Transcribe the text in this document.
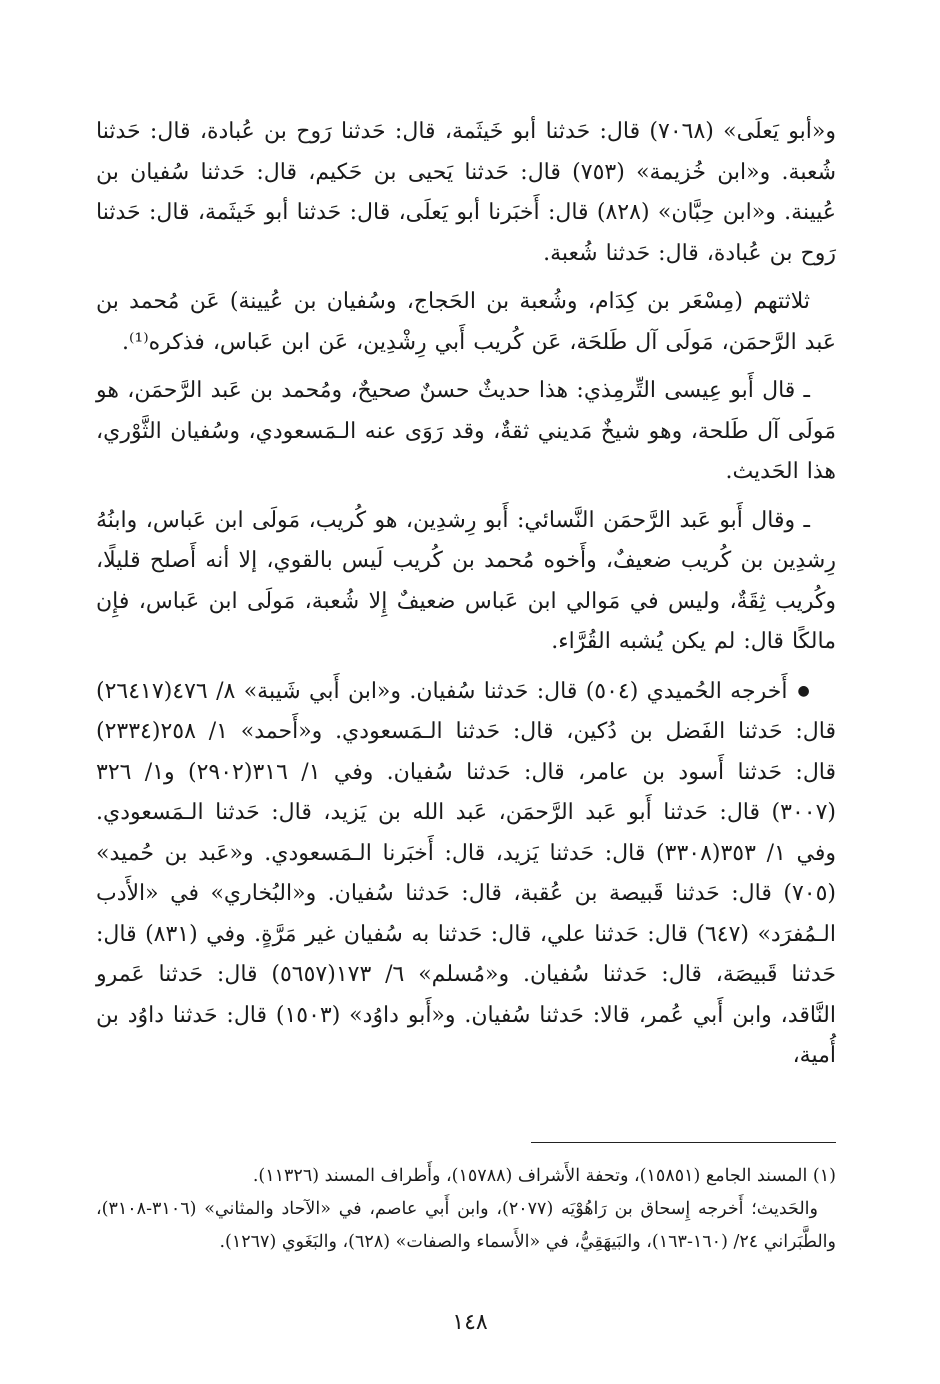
و«أبو يَعلَى» (٧٠٦٨) قال: حَدثنا أبو خَيثَمة، قال: حَدثنا رَوح بن عُبادة، قال: حَدثنا شُعبة. و«ابن خُزيمة» (٧٥٣) قال: حَدثنا يَحيى بن حَكيم، قال: حَدثنا سُفيان بن عُيينة. و«ابن حِبَّان» (٨٢٨) قال: أَخبَرنا أبو يَعلَى، قال: حَدثنا أبو خَيثَمة، قال: حَدثنا رَوح بن عُبادة، قال: حَدثنا شُعبة.

ثلاثتهم (مِسْعَر بن كِدَام، وشُعبة بن الحَجاج، وسُفيان بن عُيينة) عَن مُحمد بن عَبد الرَّحمَن، مَولَى آل طَلحَة، عَن كُريب أَبي رِشْدِين، عَن ابن عَباس، فذكره⁽¹⁾.

ـ قال أَبو عِيسى التِّرمِذي: هذا حديثٌ حسنٌ صحيحٌ، ومُحمد بن عَبد الرَّحمَن، هو مَولَى آل طَلحة، وهو شيخٌ مَديني ثقةٌ، وقد رَوَى عنه الـمَسعودي، وسُفيان الثَّوْري، هذا الحَديث.

ـ وقال أَبو عَبد الرَّحمَن النَّسائي: أَبو رِشدِين، هو كُريب، مَولَى ابن عَباس، وابنُهُ رِشدِين بن كُريب ضعيفٌ، وأَخوه مُحمد بن كُريب لَيس بالقوي، إلا أنه أَصلح قليلًا، وكُريب ثِقَةٌ، وليس في مَوالي ابن عَباس ضعيفٌ إِلا شُعبة، مَولَى ابن عَباس، فإِن مالكًا قال: لم يكن يُشبه القُرَّاء.

● أَخرجه الحُميدي (٥٠٤) قال: حَدثنا سُفيان. و«ابن أَبي شَيبة» ٨/ ٤٧٦(٢٦٤١٧) قال: حَدثنا الفَضل بن دُكين، قال: حَدثنا الـمَسعودي. و«أَحمد» ١/ ٢٥٨(٢٣٣٤) قال: حَدثنا أَسود بن عامر، قال: حَدثنا سُفيان. وفي ١/ ٣١٦(٢٩٠٢) و١/ ٣٢٦ (٣٠٠٧) قال: حَدثنا أَبو عَبد الرَّحمَن، عَبد الله بن يَزيد، قال: حَدثنا الـمَسعودي. وفي ١/ ٣٥٣(٣٣٠٨) قال: حَدثنا يَزيد، قال: أَخبَرنا الـمَسعودي. و«عَبد بن حُميد» (٧٠٥) قال: حَدثنا قَبيصة بن عُقبة، قال: حَدثنا سُفيان. و«البُخاري» في «الأَدب الـمُفرَد» (٦٤٧) قال: حَدثنا علي، قال: حَدثنا به سُفيان غير مَرَّةٍ. وفي (٨٣١) قال: حَدثنا قَبيصَة، قال: حَدثنا سُفيان. و«مُسلم» ٦/ ١٧٣(٥٦٥٧) قال: حَدثنا عَمرو النَّاقد، وابن أَبي عُمر، قالا: حَدثنا سُفيان. و«أَبو داوُد» (١٥٠٣) قال: حَدثنا داوُد بن أُمية،

(١) المسند الجامع (١٥٨٥١)، وتحفة الأَشراف (١٥٧٨٨)، وأَطراف المسند (١١٣٢٦).

والحَديث؛ أَخرجه إِسحاق بن رَاهُوْيَه (٢٠٧٧)، وابن أَبي عاصم، في «الآحاد والمثاني» (٣١٠٦-٣١٠٨)، والطَّبَراني ٢٤/ (١٦٠-١٦٣)، والبَيهَقِيُّ، في «الأَسماء والصفات» (٦٢٨)، والبَغَوي (١٢٦٧).

١٤٨
